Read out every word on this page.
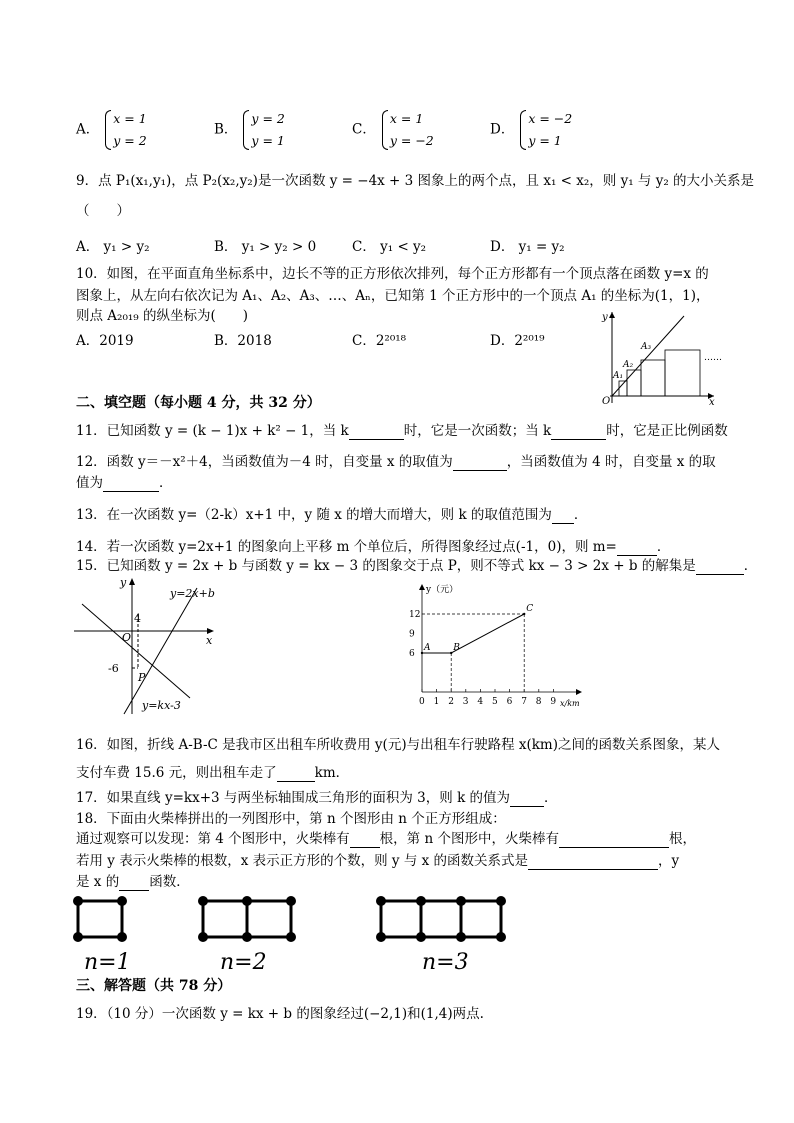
A．x = 1
y = 2
B．y = 2
y = 1
C．x = 1
y = −2
D．x = −2
y = 1
9．点 P₁(x₁,y₁)，点 P₂(x₂,y₂)是一次函数 y = −4x + 3 图象上的两个点，且 x₁ < x₂，则 y₁ 与 y₂ 的大小关系是
（　　）
A． y₁ > y₂	B． y₁ > y₂ > 0	C． y₁ < y₂	D． y₁ = y₂
10．如图，在平面直角坐标系中，边长不等的正方形依次排列，每个正方形都有一个顶点落在函数 y=x 的
图象上，从左向右依次记为 A₁、A₂、A₃、…、Aₙ，已知第 1 个正方形中的一个顶点 A₁ 的坐标为(1，1)，
则点 A₂₀₁₉ 的纵坐标为(　　)
A．2019	B．2018	C．2²⁰¹⁸	D．2²⁰¹⁹
y
x
O
A₁
A₂
A₃
……
二、填空题（每小题 4 分，共 32 分）
11．已知函数 y = (k − 1)x + k² − 1，当 k	时，它是一次函数；当 k	时，它是正比例函数
12．函数 y＝－x²＋4，当函数值为－4 时，自变量 x 的取值为	，当函数值为 4 时，自变量 x 的取
值为	．
13．在一次函数 y=（2-k）x+1 中，y 随 x 的增大而增大，则 k 的取值范围为 ．
14．若一次函数 y=2x+1 的图象向上平移 m 个单位后，所得图象经过点(-1，0)，则 m=	．
15．已知函数 y = 2x + b 与函数 y = kx − 3 的图象交于点 P，则不等式 kx − 3 > 2x + b 的解集是	．
y
x
O
4
-6
P
y=2x+b
y=kx-3
y（元）
x/km
0 1 2 3 4 5 6 7 8 9
6
9
12
A	B
C
16．如图，折线 A-B-C 是我市区出租车所收费用 y(元)与出租车行驶路程 x(km)之间的函数关系图象，某人
支付车费 15.6 元，则出租车走了	km．
17．如果直线 y=kx+3 与两坐标轴围成三角形的面积为 3，则 k 的值为	．
18．下面由火柴棒拼出的一列图形中，第 n 个图形由 n 个正方形组成：
通过观察可以发现：第 4 个图形中，火柴棒有 根，第 n 个图形中，火柴棒有	根，
若用 y 表示火柴棒的根数，x 表示正方形的个数，则 y 与 x 的函数关系式是	，y
是 x 的 函数．
n=1	n=2	n=3
三、解答题（共 78 分）
19．（10 分）一次函数 y = kx + b 的图象经过(−2,1)和(1,4)两点.
